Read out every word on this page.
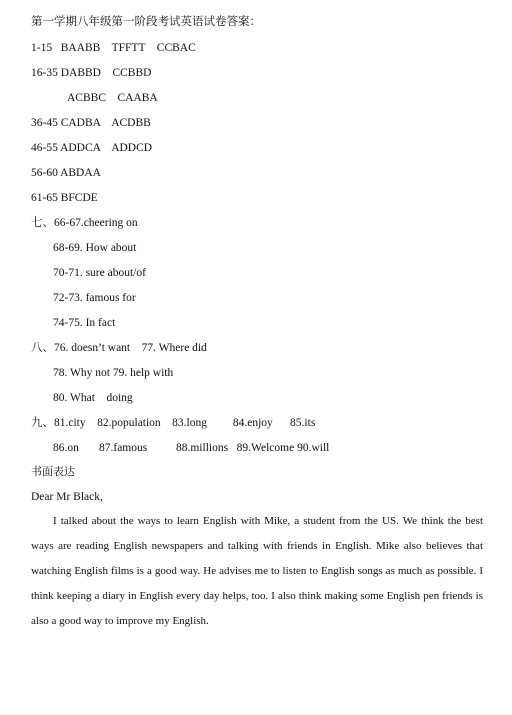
第一学期八年级第一阶段考试英语试卷答案：
1-15   BAABB    TFFTT    CCBAC
16-35 DABBD    CCBBD
ACBBC    CAABA
36-45 CADBA    ACDBB
46-55 ADDCA    ADDCD
56-60 ABDAA
61-65 BFCDE
七、66-67.cheering on
68-69. How about
70-71. sure about/of
72-73. famous for
74-75. In fact
八、76. doesn’t want    77. Where did
78. Why not 79. help with
80. What    doing
九、81.city    82.population    83.long         84.enjoy      85.its
86.on       87.famous          88.millions   89.Welcome 90.will
书面表达
Dear Mr Black,
I talked about the ways to learn English with Mike, a student from the US. We think the best ways are reading English newspapers and talking with friends in English. Mike also believes that watching English films is a good way. He advises me to listen to English songs as much as possible. I think keeping a diary in English every day helps, too. I also think making some English pen friends is also a good way to improve my English.
